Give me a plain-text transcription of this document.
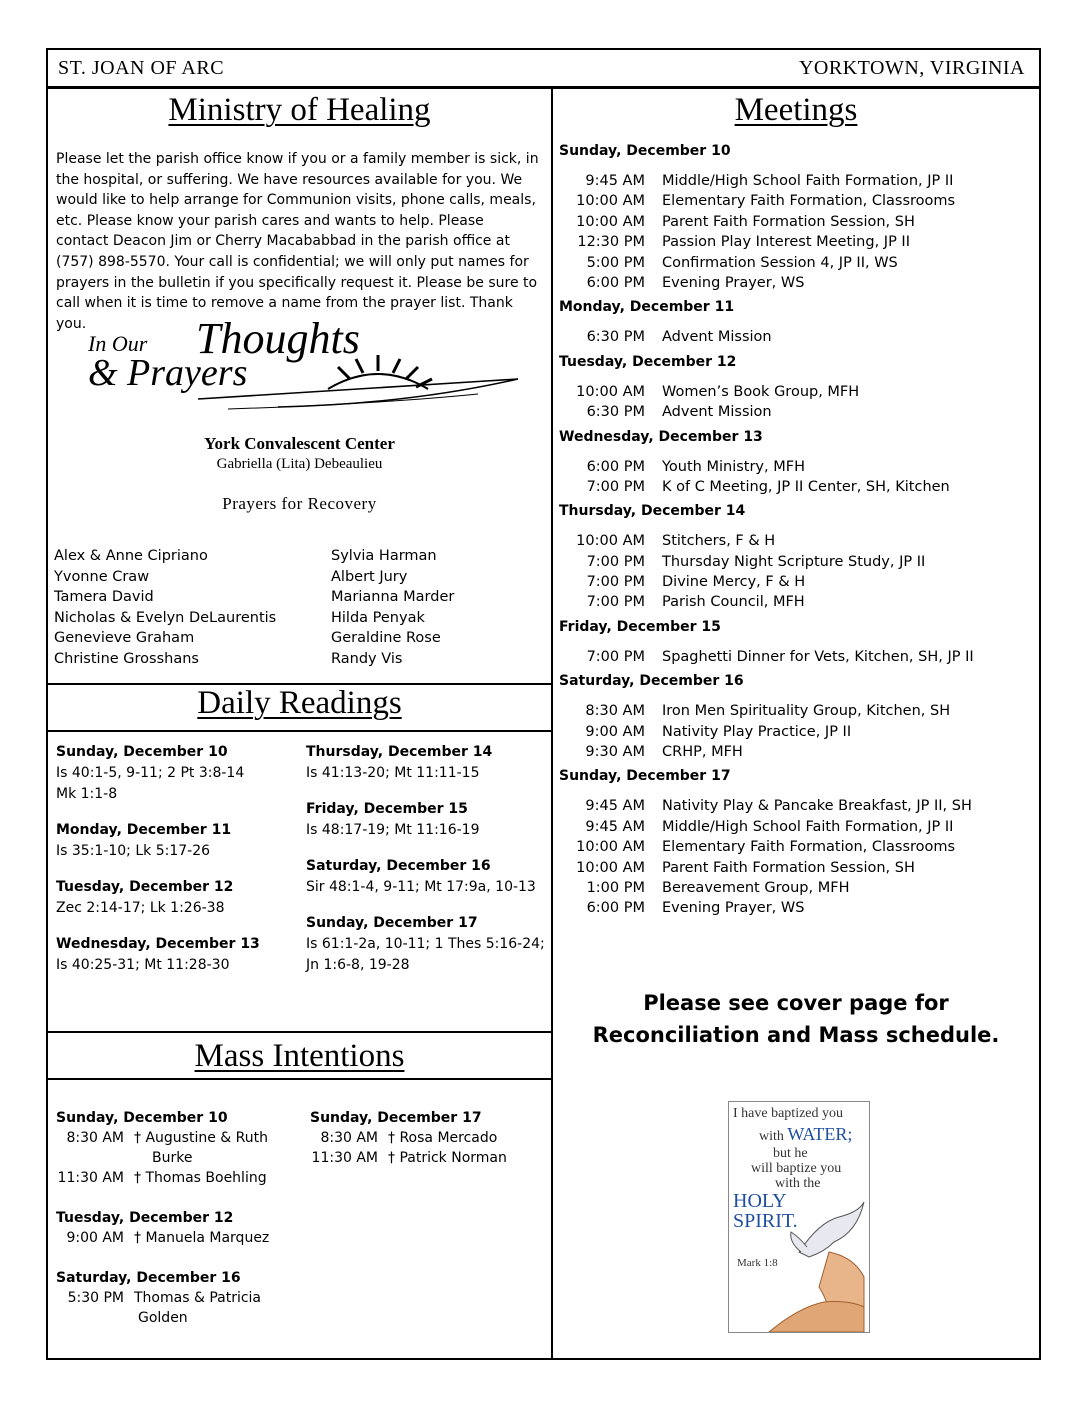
ST. JOAN OF ARC	YORKTOWN, VIRGINIA
Ministry of Healing
Please let the parish office know if you or a family member is sick, in
the hospital, or suffering. We have resources available for you. We
would like to help arrange for Communion visits, phone calls, meals,
etc. Please know your parish cares and wants to help. Please
contact Deacon Jim or Cherry Macababbad in the parish office at
(757) 898-5570. Your call is confidential; we will only put names for
prayers in the bulletin if you specifically request it. Please be sure to
call when it is time to remove a name from the prayer list. Thank
you.
In Our Thoughts
& Prayers
York Convalescent Center
Gabriella (Lita) Debeaulieu
Prayers for Recovery
Alex & Anne Cipriano
Yvonne Craw
Tamera David
Nicholas & Evelyn DeLaurentis
Genevieve Graham
Christine Grosshans
Sylvia Harman
Albert Jury
Marianna Marder
Hilda Penyak
Geraldine Rose
Randy Vis
Daily Readings
Sunday, December 10
Is 40:1-5, 9-11; 2 Pt 3:8-14
Mk 1:1-8
Monday, December 11
Is 35:1-10; Lk 5:17-26
Tuesday, December 12
Zec 2:14-17; Lk 1:26-38
Wednesday, December 13
Is 40:25-31; Mt 11:28-30
Thursday, December 14
Is 41:13-20; Mt 11:11-15
Friday, December 15
Is 48:17-19; Mt 11:16-19
Saturday, December 16
Sir 48:1-4, 9-11; Mt 17:9a, 10-13
Sunday, December 17
Is 61:1-2a, 10-11; 1 Thes 5:16-24;
Jn 1:6-8, 19-28
Mass Intentions
Sunday, December 10
8:30 AM † Augustine & Ruth
Burke
11:30 AM † Thomas Boehling
Tuesday, December 12
9:00 AM † Manuela Marquez
Saturday, December 16
5:30 PM Thomas & Patricia
Golden
Sunday, December 17
8:30 AM † Rosa Mercado
11:30 AM † Patrick Norman
Meetings
Sunday, December 10
9:45 AM Middle/High School Faith Formation, JP II
10:00 AM Elementary Faith Formation, Classrooms
10:00 AM Parent Faith Formation Session, SH
12:30 PM Passion Play Interest Meeting, JP II
5:00 PM Confirmation Session 4, JP II, WS
6:00 PM Evening Prayer, WS
Monday, December 11
6:30 PM Advent Mission
Tuesday, December 12
10:00 AM Women’s Book Group, MFH
6:30 PM Advent Mission
Wednesday, December 13
6:00 PM Youth Ministry, MFH
7:00 PM K of C Meeting, JP II Center, SH, Kitchen
Thursday, December 14
10:00 AM Stitchers, F & H
7:00 PM Thursday Night Scripture Study, JP II
7:00 PM Divine Mercy, F & H
7:00 PM Parish Council, MFH
Friday, December 15
7:00 PM Spaghetti Dinner for Vets, Kitchen, SH, JP II
Saturday, December 16
8:30 AM Iron Men Spirituality Group, Kitchen, SH
9:00 AM Nativity Play Practice, JP II
9:30 AM CRHP, MFH
Sunday, December 17
9:45 AM Nativity Play & Pancake Breakfast, JP II, SH
9:45 AM Middle/High School Faith Formation, JP II
10:00 AM Elementary Faith Formation, Classrooms
10:00 AM Parent Faith Formation Session, SH
1:00 PM Bereavement Group, MFH
6:00 PM Evening Prayer, WS
Please see cover page for
Reconciliation and Mass schedule.
I have baptized you
with WATER;
but he
will baptize you
with the
HOLY
SPIRIT.
Mark 1:8
